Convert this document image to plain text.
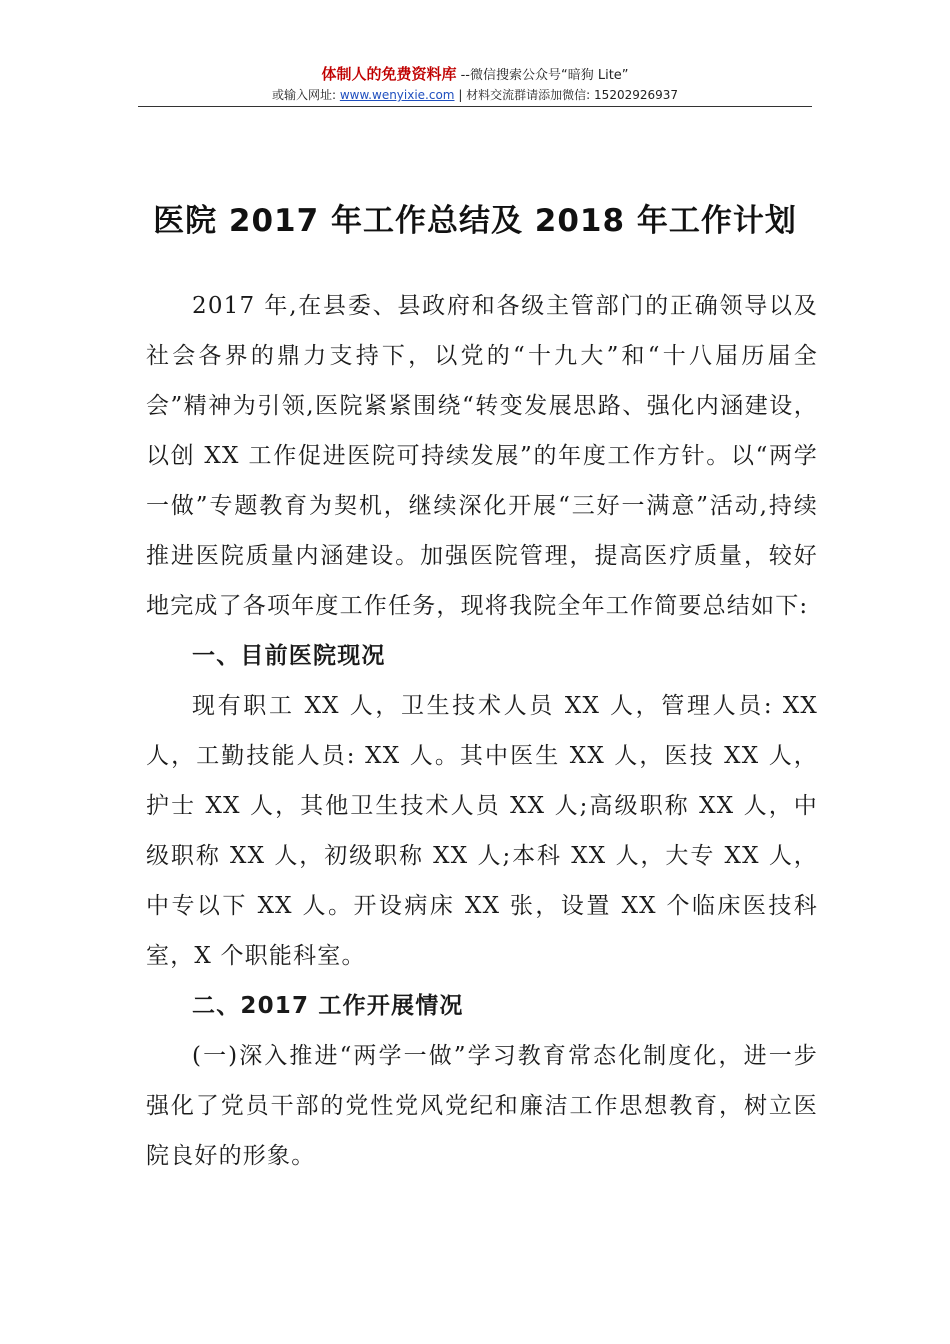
体制人的免费资料库 --微信搜索公众号“暗狗 Lite”
或输入网址: www.wenyixie.com | 材料交流群请添加微信: 15202926937
医院 2017 年工作总结及 2018 年工作计划

2017 年,在县委、县政府和各级主管部门的正确领导以及社会各界的鼎力支持下，以党的“十九大”和“十八届历届全会”精神为引领,医院紧紧围绕“转变发展思路、强化内涵建设，以创 XX 工作促进医院可持续发展”的年度工作方针。以“两学一做”专题教育为契机，继续深化开展“三好一满意”活动,持续推进医院质量内涵建设。加强医院管理，提高医疗质量，较好地完成了各项年度工作任务，现将我院全年工作简要总结如下:

一、目前医院现况

现有职工 XX 人，卫生技术人员 XX 人，管理人员: XX 人，工勤技能人员: XX 人。其中医生 XX 人，医技 XX 人，护士 XX 人，其他卫生技术人员 XX 人;高级职称 XX 人，中级职称 XX 人，初级职称 XX 人;本科 XX 人，大专 XX 人，中专以下 XX 人。开设病床 XX 张，设置 XX 个临床医技科室，X 个职能科室。

二、2017 工作开展情况

(一)深入推进“两学一做”学习教育常态化制度化，进一步强化了党员干部的党性党风党纪和廉洁工作思想教育，树立医院良好的形象。
